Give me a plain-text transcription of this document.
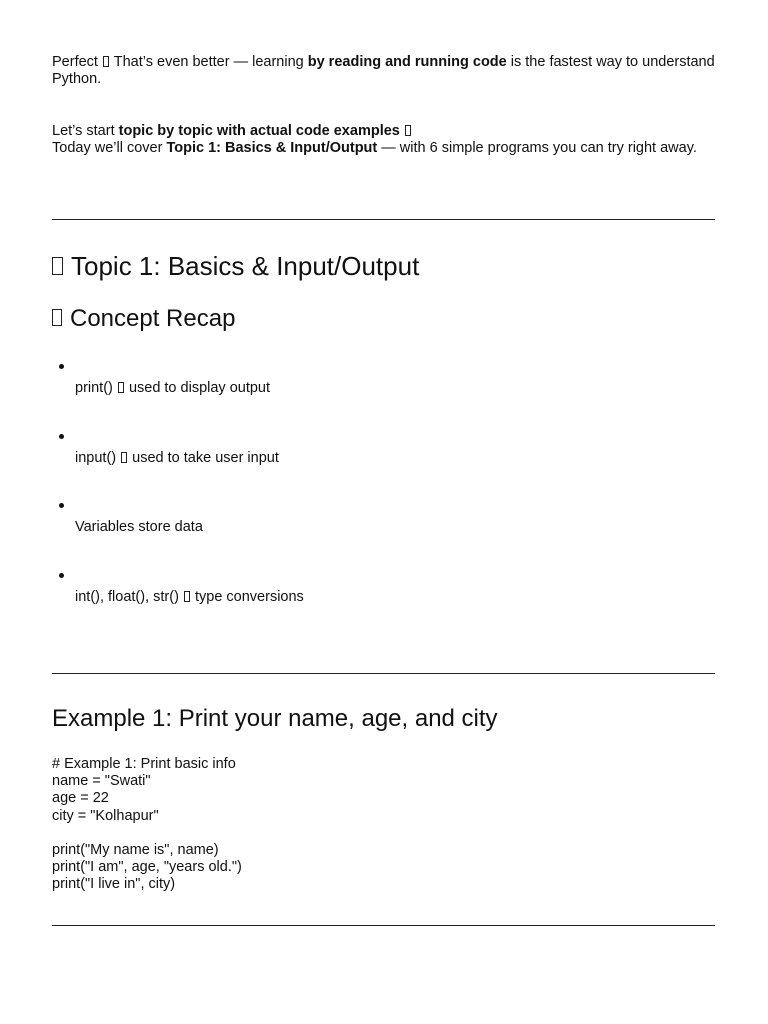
Perfect That’s even better — learning by reading and running code is the fastest way to understand Python.

Let’s start topic by topic with actual code examples
Today we’ll cover Topic 1: Basics & Input/Output — with 6 simple programs you can try right away.

Topic 1: Basics & Input/Output
Concept Recap
print() used to display output
input() used to take user input
Variables store data
int(), float(), str() type conversions
Example 1: Print your name, age, and city
# Example 1: Print basic info
name = "Swati"
age = 22
city = "Kolhapur"

print("My name is", name)
print("I am", age, "years old.")
print("I live in", city)
